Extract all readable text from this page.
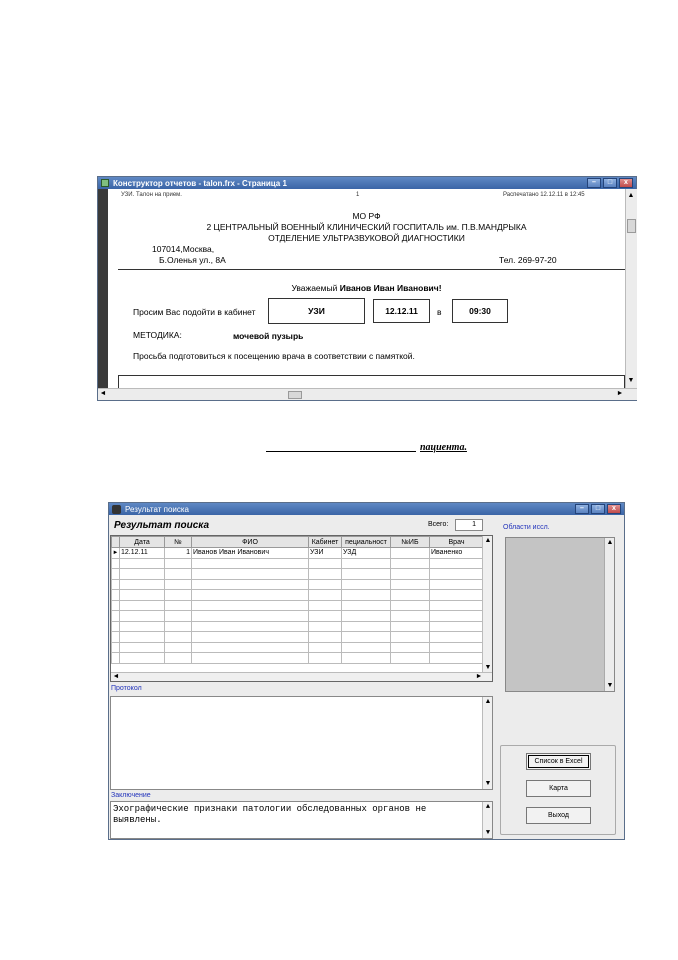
Конструктор отчетов - talon.frx - Страница 1	–	□	x
УЗИ. Талон на прием.	1	Распечатано 12.12.11 в 12:45
МО РФ
2 ЦЕНТРАЛЬНЫЙ ВОЕННЫЙ КЛИНИЧЕСКИЙ ГОСПИТАЛЬ им. П.В.МАНДРЫКА
ОТДЕЛЕНИЕ УЛЬТРАЗВУКОВОЙ ДИАГНОСТИКИ
107014,Москва,
Б.Оленья ул., 8А	Тел. 269-97-20
Уважаемый Иванов Иван Иванович!
Просим Вас подойти в кабинет	УЗИ	12.12.11	в	09:30
МЕТОДИКА:	мочевой пузырь
Просьба подготовиться к посещению врача в соответствии с памяткой.
▲
▼
◄	►
пациента.
Результат поиска	–	□	x
Результат поиска	Всего:	1	Области иссл.
	Дата	№	ФИО	Кабинет	пециальност	№ИБ	Врач
►	12.12.11	1	Иванов Иван Иванович	УЗИ	УЗД		Иваненко

▲
▼
◄	►
▲
▼
Протокол
▲
▼
Заключение
Эхографические признаки патологии обследованных органов не выявлены.
▲
▼
Список в Excel
Карта
Выход
